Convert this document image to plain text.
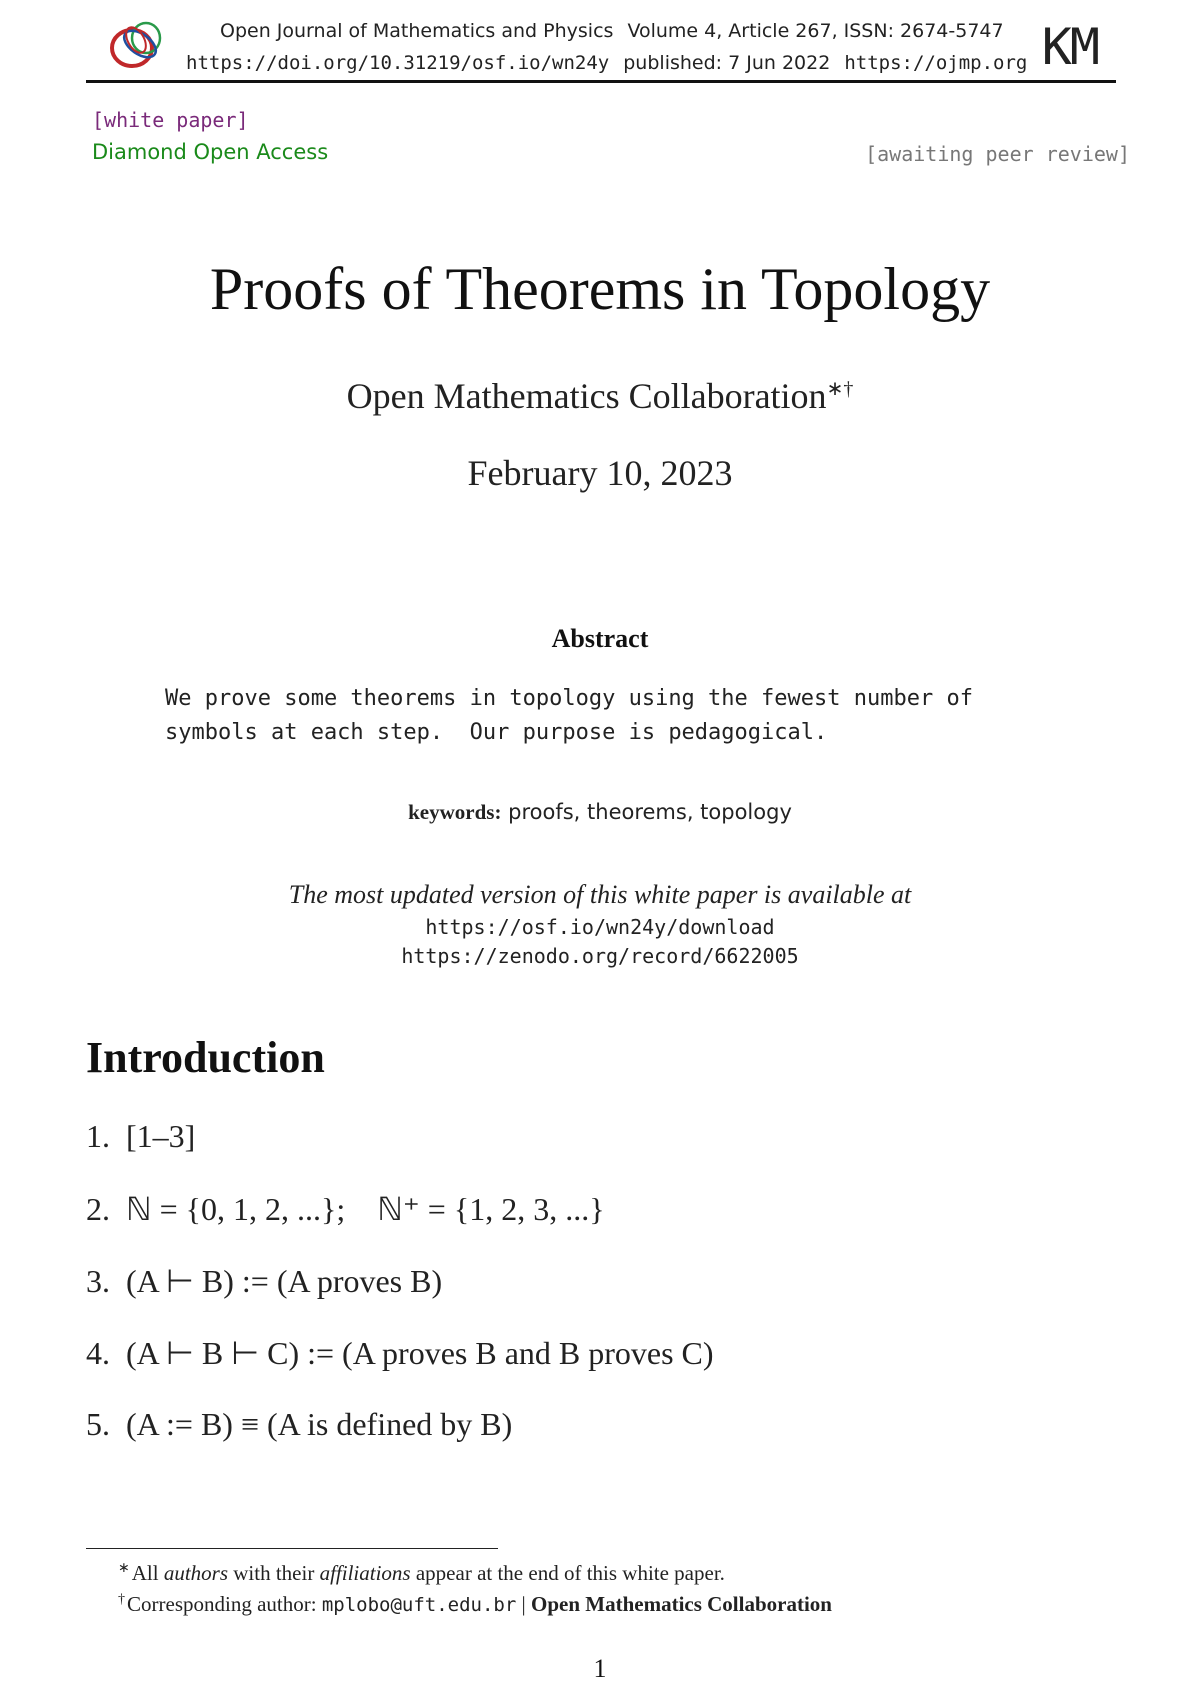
Open Journal of Mathematics and Physics Volume 4, Article 267, ISSN: 2674-5747
https://doi.org/10.31219/osf.io/wn24y published: 7 Jun 2022 https://ojmp.org KM
[white paper]
Diamond Open Access	[awaiting peer review]
Proofs of Theorems in Topology
Open Mathematics Collaboration∗†
February 10, 2023
Abstract
We prove some theorems in topology using the fewest number of
symbols at each step.  Our purpose is pedagogical.
keywords: proofs, theorems, topology
The most updated version of this white paper is available at
https://osf.io/wn24y/download
https://zenodo.org/record/6622005
Introduction
1.  [1–3]
2.  ℕ = {0, 1, 2, ...};    ℕ⁺ = {1, 2, 3, ...}
3.  (A ⊢ B) := (A proves B)
4.  (A ⊢ B ⊢ C) := (A proves B and B proves C)
5.  (A := B) ≡ (A is defined by B)
∗All authors with their affiliations appear at the end of this white paper.
†Corresponding author: mplobo@uft.edu.br | Open Mathematics Collaboration
1
